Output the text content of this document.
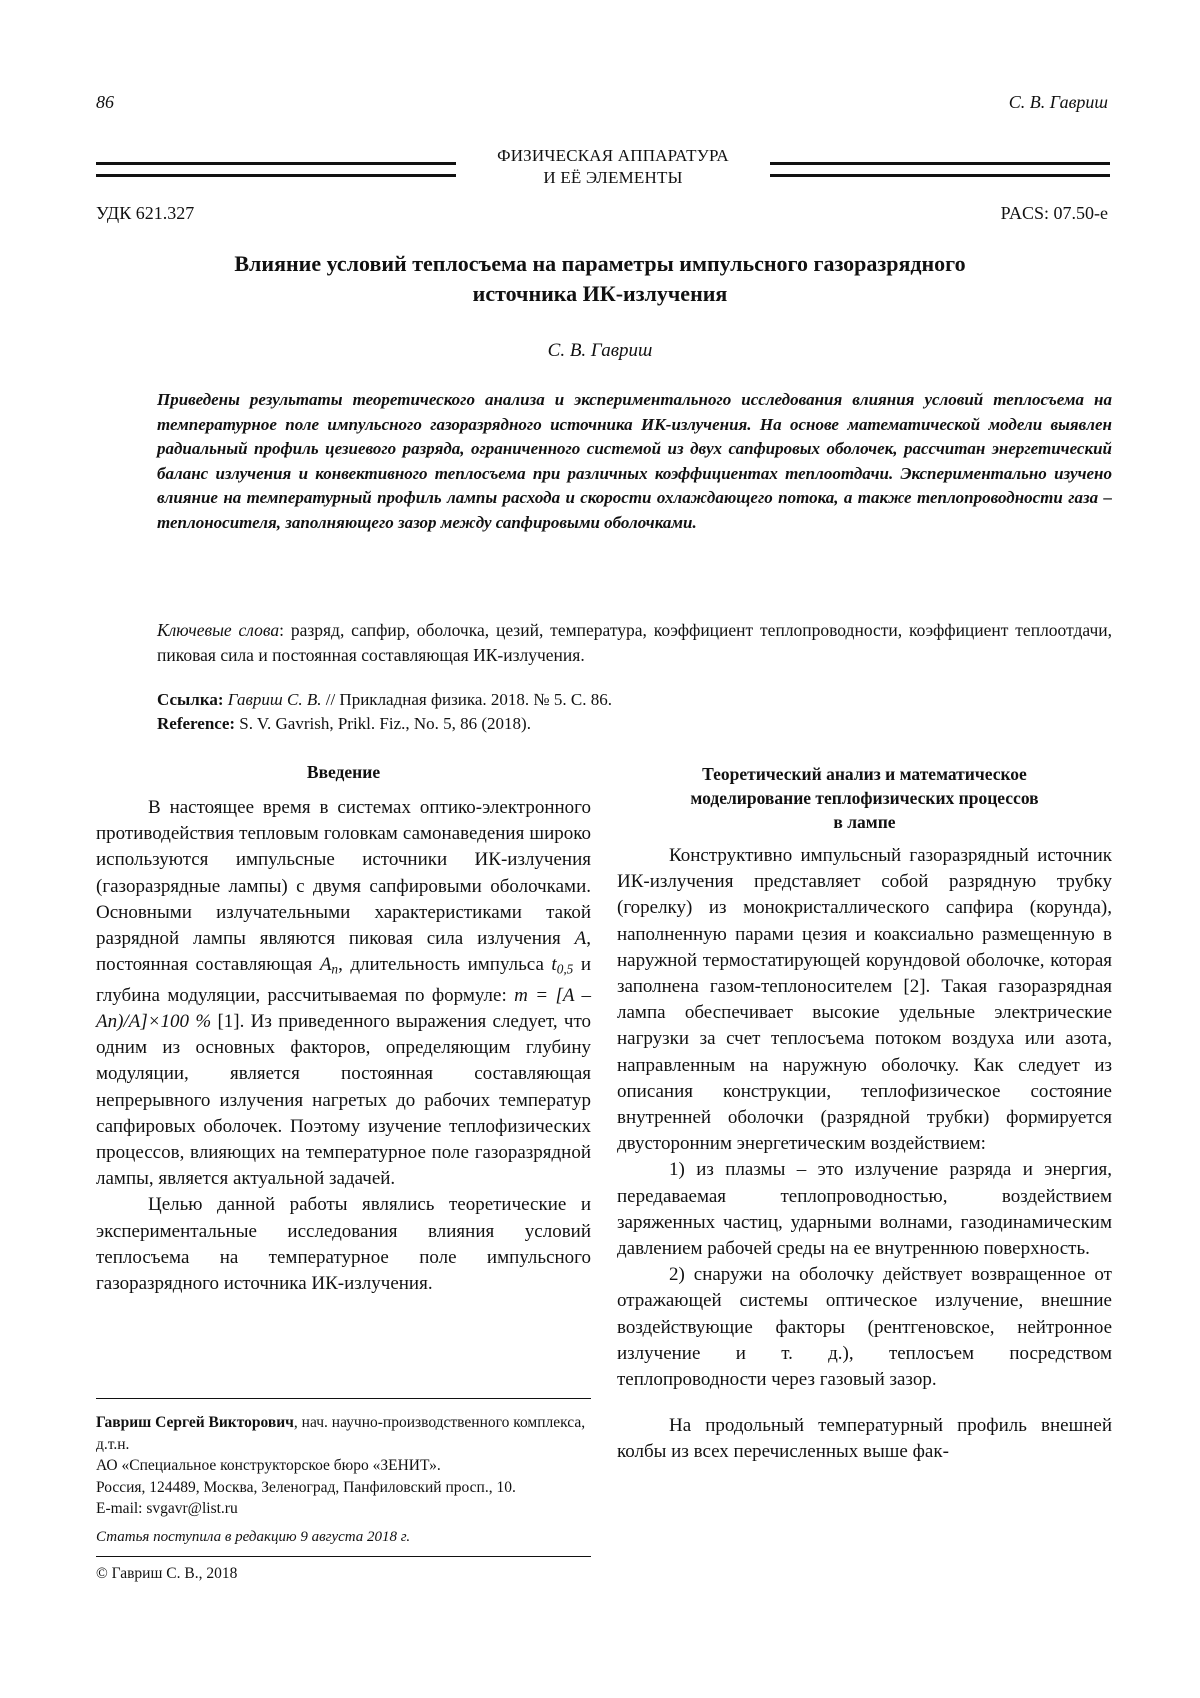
86	С. В. Гавриш
ФИЗИЧЕСКАЯ АППАРАТУРА
И ЕЁ ЭЛЕМЕНТЫ
УДК 621.327	PACS: 07.50-e
Влияние условий теплосъема на параметры импульсного газоразрядного
источника ИК-излучения
С. В. Гавриш
Приведены результаты теоретического анализа и экспериментального исследования влияния условий теплосъема на температурное поле импульсного газоразрядного источника ИК-излучения. На основе математической модели выявлен радиальный профиль цезиевого разряда, ограниченного системой из двух сапфировых оболочек, рассчитан энергетический баланс излучения и конвективного теплосъема при различных коэффициентах теплоотдачи. Экспериментально изучено влияние на температурный профиль лампы расхода и скорости охлаждающего потока, а также теплопроводности газа – теплоносителя, заполняющего зазор между сапфировыми оболочками.
Ключевые слова: разряд, сапфир, оболочка, цезий, температура, коэффициент теплопроводности, коэффициент теплоотдачи, пиковая сила и постоянная составляющая ИК-излучения.
Ссылка: Гавриш С. В. // Прикладная физика. 2018. № 5. С. 86.
Reference: S. V. Gavrish, Prikl. Fiz., No. 5, 86 (2018).
Введение

В настоящее время в системах оптико-электронного противодействия тепловым головкам самонаведения широко используются импульсные источники ИК-излучения (газоразрядные лампы) с двумя сапфировыми оболочками. Основными излучательными характеристиками такой разрядной лампы являются пиковая сила излучения A, постоянная составляющая $A_п$, длительность импульса $t_{0,5}$ и глубина модуляции, рассчитываемая по формуле: m = [A – Aп)/A]×100 % [1]. Из приведенного выражения следует, что одним из основных факторов, определяющим глубину модуляции, является постоянная составляющая непрерывного излучения нагретых до рабочих температур сапфировых оболочек. Поэтому изучение теплофизических процессов, влияющих на температурное поле газоразрядной лампы, является актуальной задачей.

Целью данной работы являлись теоретические и экспериментальные исследования влияния условий теплосъема на температурное поле импульсного газоразрядного источника ИК-излучения.

Теоретический анализ и математическое
моделирование теплофизических процессов
в лампе

Конструктивно импульсный газоразрядный источник ИК-излучения представляет собой разрядную трубку (горелку) из монокристаллического сапфира (корунда), наполненную парами цезия и коаксиально размещенную в наружной термостатирующей корундовой оболочке, которая заполнена газом-теплоносителем [2]. Такая газоразрядная лампа обеспечивает высокие удельные электрические нагрузки за счет теплосъема потоком воздуха или азота, направленным на наружную оболочку. Как следует из описания конструкции, теплофизическое состояние внутренней оболочки (разрядной трубки) формируется двусторонним энергетическим воздействием:

1) из плазмы – это излучение разряда и энергия, передаваемая теплопроводностью, воздействием заряженных частиц, ударными волнами, газодинамическим давлением рабочей среды на ее внутреннюю поверхность.

2) снаружи на оболочку действует возвращенное от отражающей системы оптическое излучение, внешние воздействующие факторы (рентгеновское, нейтронное излучение и т. д.), теплосъем посредством теплопроводности через газовый зазор.

На продольный температурный профиль внешней колбы из всех перечисленных выше фак-

Гавриш Сергей Викторович, нач. научно-производственного комплекса, д.т.н.
АО «Специальное конструкторское бюро «ЗЕНИТ».
Россия, 124489, Москва, Зеленоград, Панфиловский просп., 10.
E-mail: svgavr@list.ru
Статья поступила в редакцию 9 августа 2018 г.
© Гавриш С. В., 2018
